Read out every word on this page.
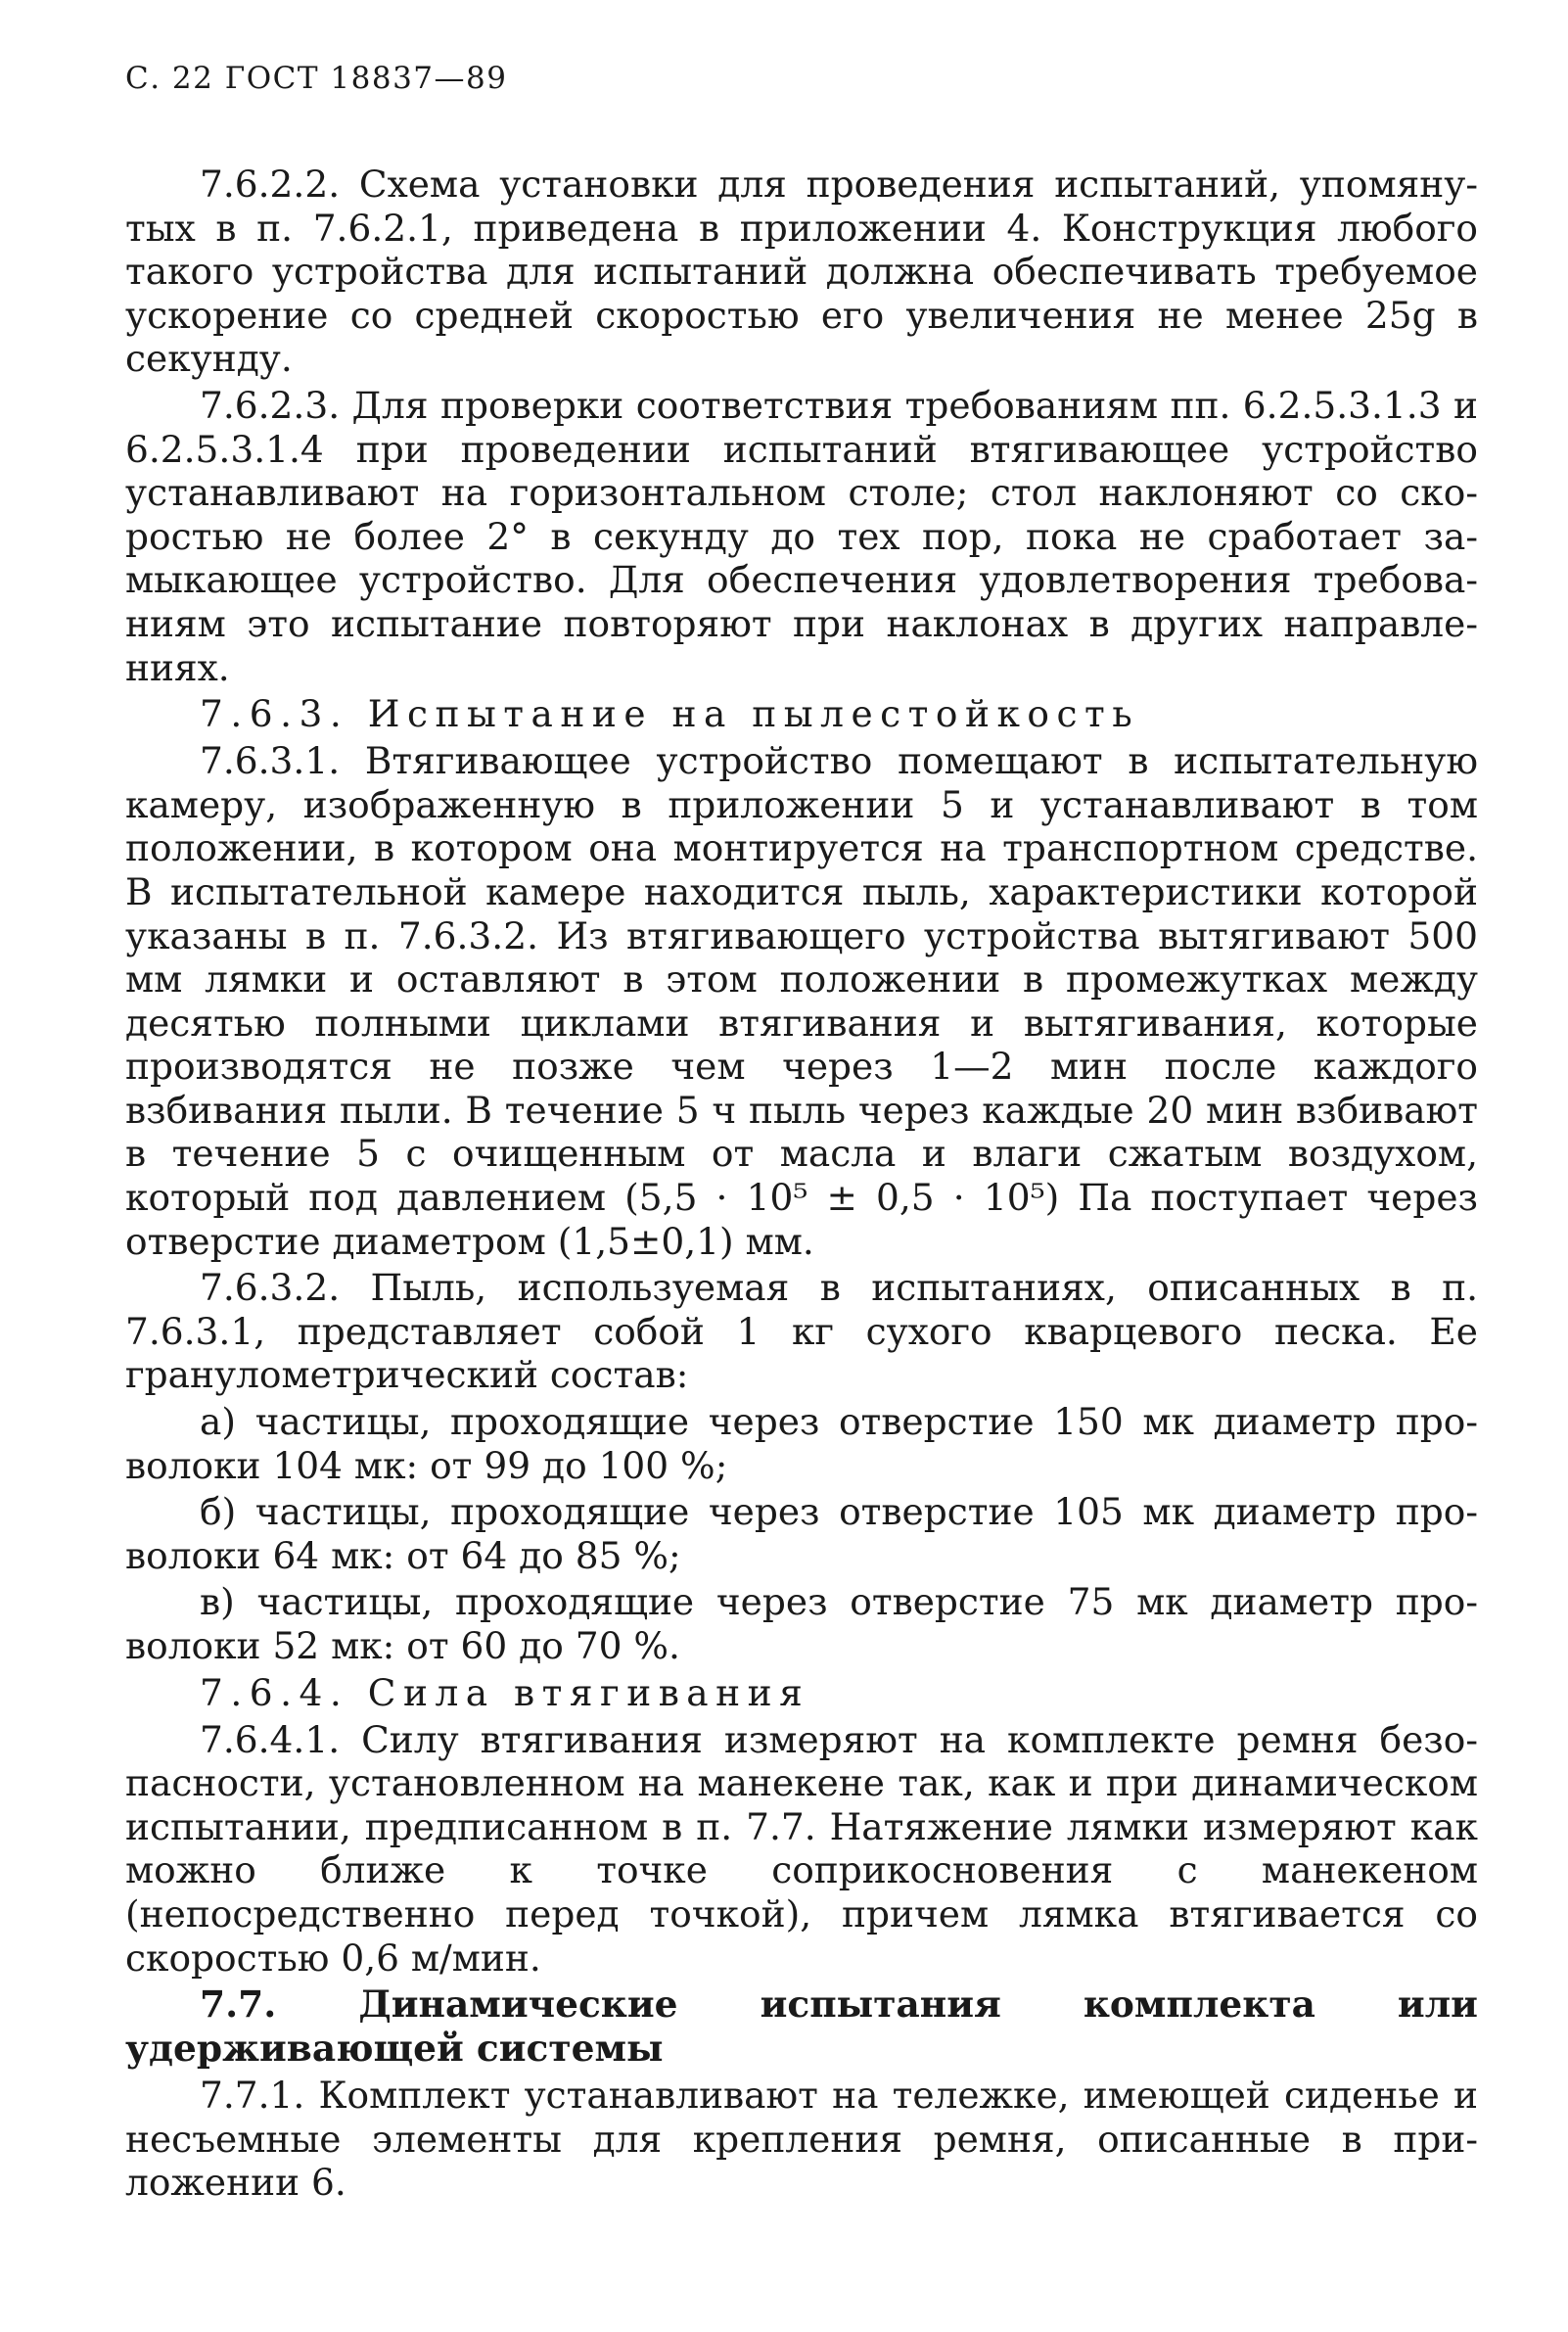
С. 22 ГОСТ 18837—89

7.6.2.2. Схема установки для проведения испытаний, упомянутых в п. 7.6.2.1, приведена в приложении 4. Конструкция любого такого устройства для испытаний должна обеспечивать требуемое ускорение со средней скоростью его увеличения не менее 25g в секунду.

7.6.2.3. Для проверки соответствия требованиям пп. 6.2.5.3.1.3 и 6.2.5.3.1.4 при проведении испытаний втягивающее устройство устанавливают на горизонтальном столе; стол наклоняют со скоростью не более 2° в секунду до тех пор, пока не сработает замыкающее устройство. Для обеспечения удовлетворения требованиям это испытание повторяют при наклонах в других направлениях.

7.6.3. Испытание на пылестойкость

7.6.3.1. Втягивающее устройство помещают в испытательную камеру, изображенную в приложении 5 и устанавливают в том положении, в котором она монтируется на транспортном средстве. В испытательной камере находится пыль, характеристики которой указаны в п. 7.6.3.2. Из втягивающего устройства вытягивают 500 мм лямки и оставляют в этом положении в промежутках между десятью полными циклами втягивания и вытягивания, которые производятся не позже чем через 1—2 мин после каждого взбивания пыли. В течение 5 ч пыль через каждые 20 мин взбивают в течение 5 с очищенным от масла и влаги сжатым воздухом, который под давлением (5,5 · 10⁵ ± 0,5 · 10⁵) Па поступает через отверстие диаметром (1,5±0,1) мм.

7.6.3.2. Пыль, используемая в испытаниях, описанных в п. 7.6.3.1, представляет собой 1 кг сухого кварцевого песка. Ее гранулометрический состав:

а) частицы, проходящие через отверстие 150 мк диаметр проволоки 104 мк: от 99 до 100 %;

б) частицы, проходящие через отверстие 105 мк диаметр проволоки 64 мк: от 64 до 85 %;

в) частицы, проходящие через отверстие 75 мк диаметр проволоки 52 мк: от 60 до 70 %.

7.6.4. Сила втягивания

7.6.4.1. Силу втягивания измеряют на комплекте ремня безопасности, установленном на манекене так, как и при динамическом испытании, предписанном в п. 7.7. Натяжение лямки измеряют как можно ближе к точке соприкосновения с манекеном (непосредственно перед точкой), причем лямка втягивается со скоростью 0,6 м/мин.

7.7. Динамические испытания комплекта или удерживающей системы

7.7.1. Комплект устанавливают на тележке, имеющей сиденье и несъемные элементы для крепления ремня, описанные в приложении 6.
